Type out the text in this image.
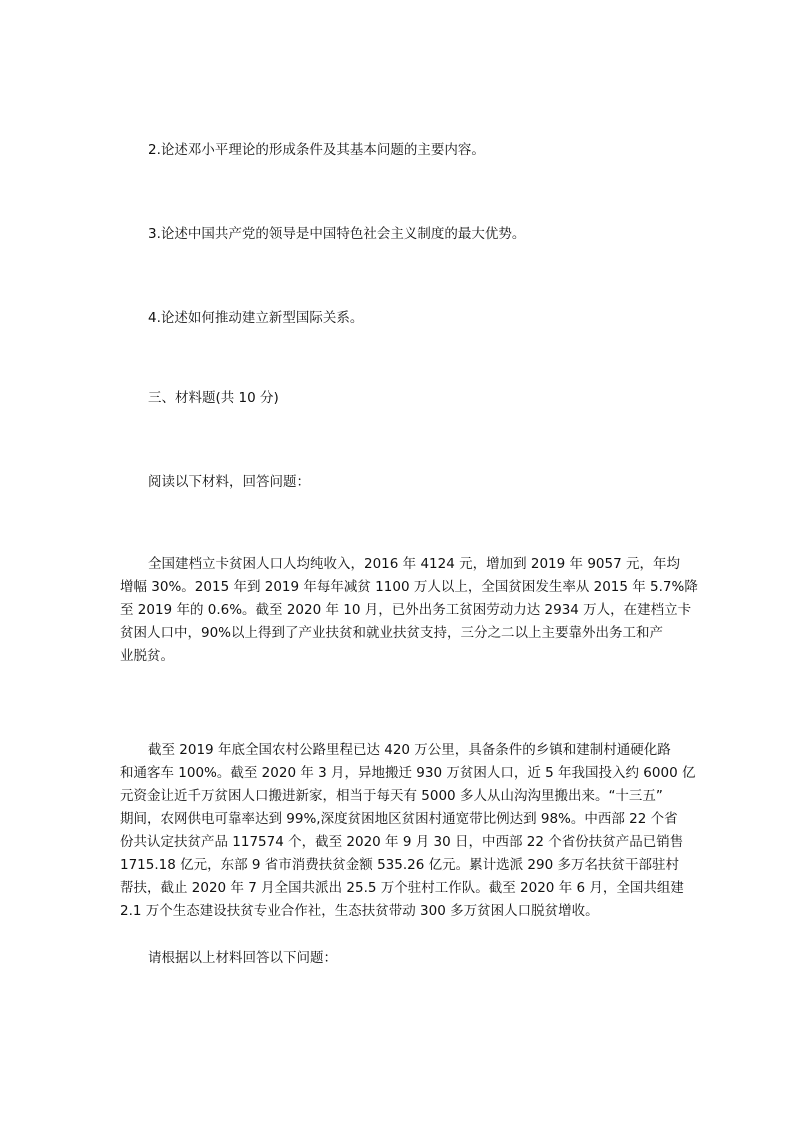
2.论述邓小平理论的形成条件及其基本问题的主要内容。
3.论述中国共产党的领导是中国特色社会主义制度的最大优势。
4.论述如何推动建立新型国际关系。
三、材料题(共 10 分)
阅读以下材料，回答问题：
全国建档立卡贫困人口人均纯收入，2016 年 4124 元，增加到 2019 年 9057 元，年均
增幅 30%。2015 年到 2019 年每年减贫 1100 万人以上，全国贫困发生率从 2015 年 5.7%降
至 2019 年的 0.6%。截至 2020 年 10 月，已外出务工贫困劳动力达 2934 万人，在建档立卡
贫困人口中，90%以上得到了产业扶贫和就业扶贫支持，三分之二以上主要靠外出务工和产
业脱贫。
截至 2019 年底全国农村公路里程已达 420 万公里，具备条件的乡镇和建制村通硬化路
和通客车 100%。截至 2020 年 3 月，异地搬迁 930 万贫困人口，近 5 年我国投入约 6000 亿
元资金让近千万贫困人口搬进新家，相当于每天有 5000 多人从山沟沟里搬出来。“十三五”
期间，农网供电可靠率达到 99%,深度贫困地区贫困村通宽带比例达到 98%。中西部 22 个省
份共认定扶贫产品 117574 个，截至 2020 年 9 月 30 日，中西部 22 个省份扶贫产品已销售
1715.18 亿元，东部 9 省市消费扶贫金额 535.26 亿元。累计选派 290 多万名扶贫干部驻村
帮扶，截止 2020 年 7 月全国共派出 25.5 万个驻村工作队。截至 2020 年 6 月，全国共组建
2.1 万个生态建设扶贫专业合作社，生态扶贫带动 300 多万贫困人口脱贫增收。
请根据以上材料回答以下问题：
